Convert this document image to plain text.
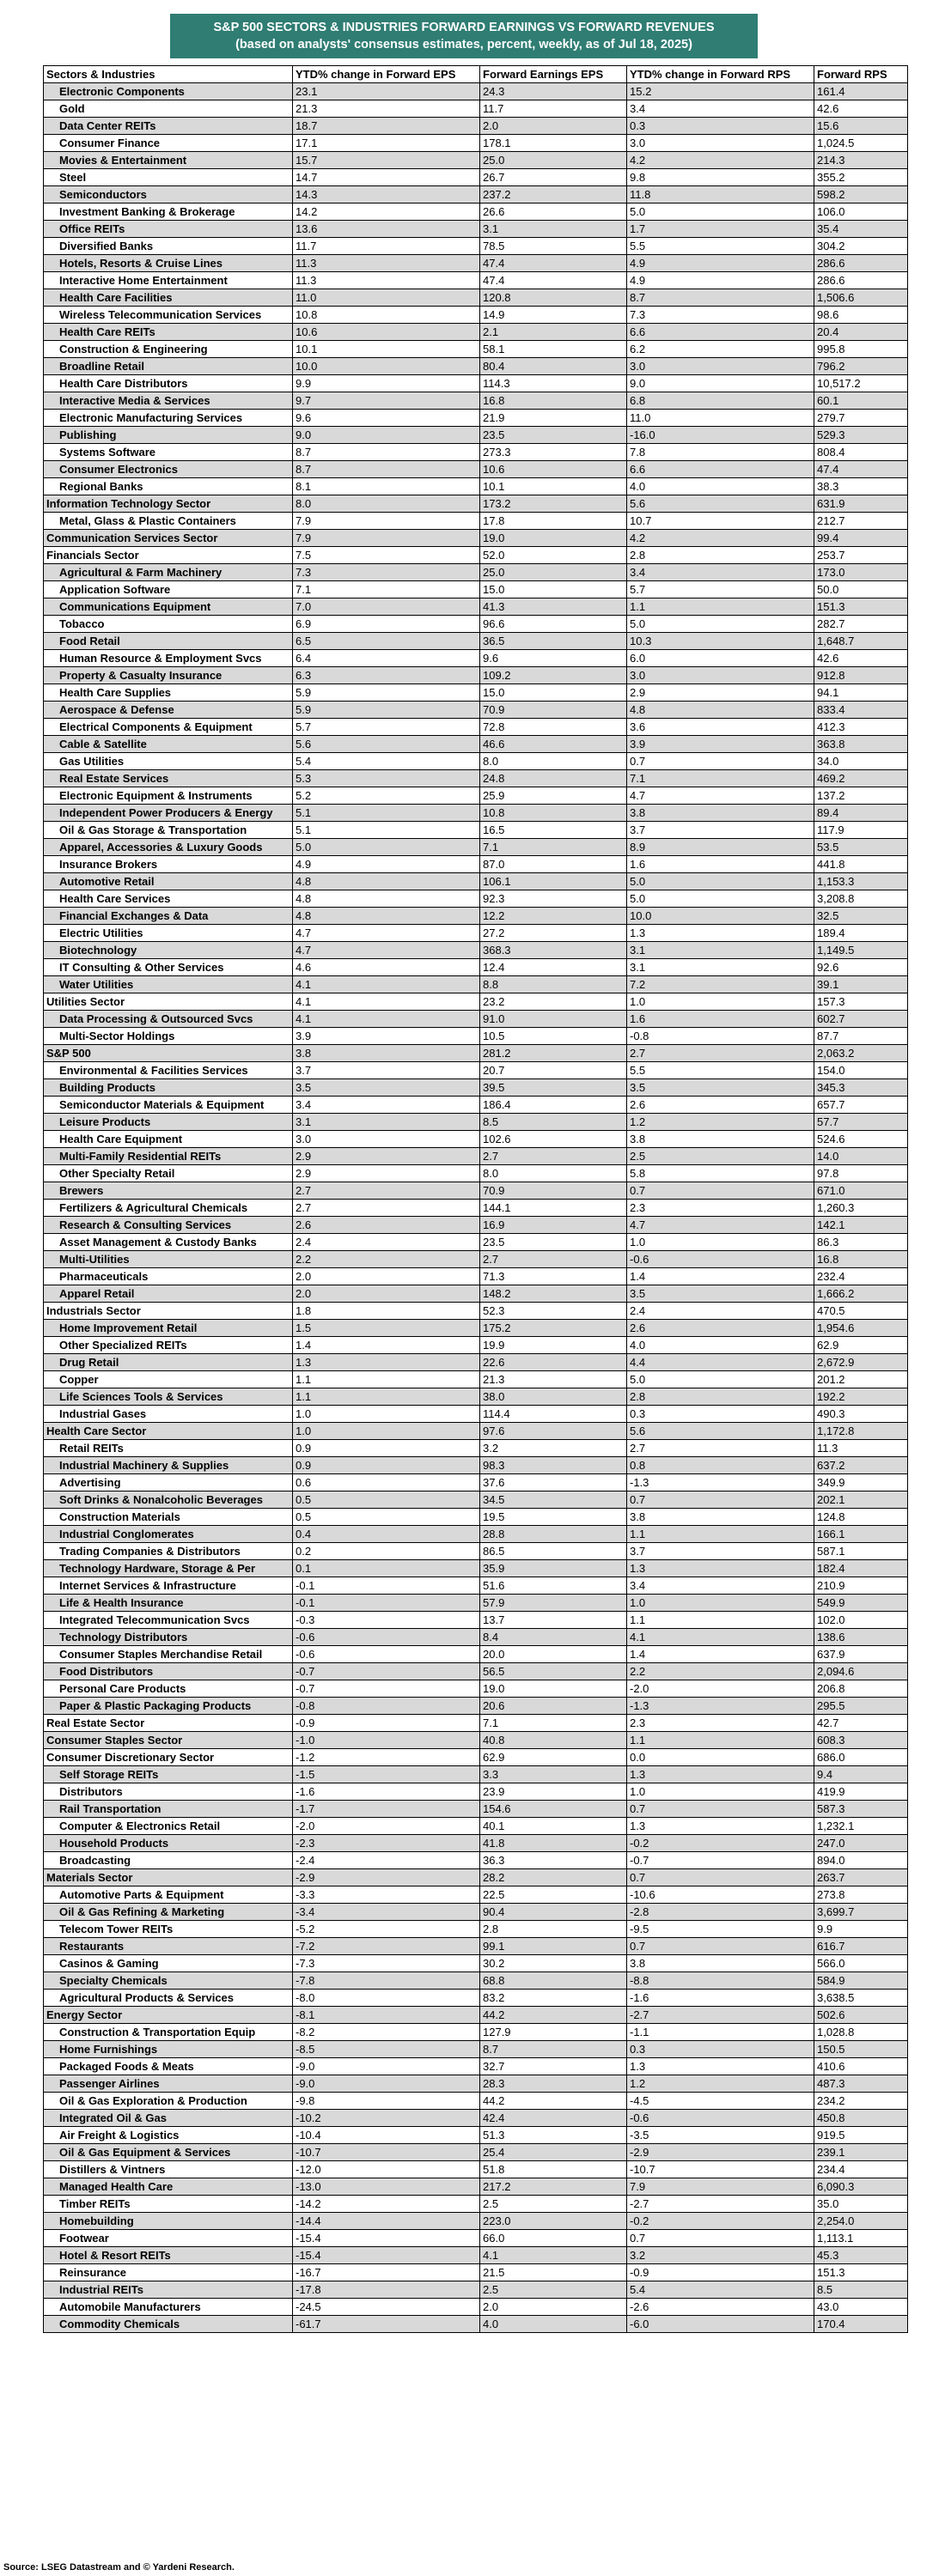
S&P 500 SECTORS & INDUSTRIES FORWARD EARNINGS VS FORWARD REVENUES
(based on analysts' consensus estimates, percent, weekly, as of Jul 18, 2025)
Sectors & Industries	YTD% change in Forward EPS	Forward Earnings EPS	YTD% change in Forward RPS	Forward RPS
Electronic Components	23.1	24.3	15.2	161.4
Gold	21.3	11.7	3.4	42.6
Data Center REITs	18.7	2.0	0.3	15.6
Consumer Finance	17.1	178.1	3.0	1,024.5
Movies & Entertainment	15.7	25.0	4.2	214.3
Steel	14.7	26.7	9.8	355.2
Semiconductors	14.3	237.2	11.8	598.2
Investment Banking & Brokerage	14.2	26.6	5.0	106.0
Office REITs	13.6	3.1	1.7	35.4
Diversified Banks	11.7	78.5	5.5	304.2
Hotels, Resorts & Cruise Lines	11.3	47.4	4.9	286.6
Interactive Home Entertainment	11.3	47.4	4.9	286.6
Health Care Facilities	11.0	120.8	8.7	1,506.6
Wireless Telecommunication Services	10.8	14.9	7.3	98.6
Health Care REITs	10.6	2.1	6.6	20.4
Construction & Engineering	10.1	58.1	6.2	995.8
Broadline Retail	10.0	80.4	3.0	796.2
Health Care Distributors	9.9	114.3	9.0	10,517.2
Interactive Media & Services	9.7	16.8	6.8	60.1
Electronic Manufacturing Services	9.6	21.9	11.0	279.7
Publishing	9.0	23.5	-16.0	529.3
Systems Software	8.7	273.3	7.8	808.4
Consumer Electronics	8.7	10.6	6.6	47.4
Regional Banks	8.1	10.1	4.0	38.3
Information Technology Sector	8.0	173.2	5.6	631.9
Metal, Glass & Plastic Containers	7.9	17.8	10.7	212.7
Communication Services Sector	7.9	19.0	4.2	99.4
Financials Sector	7.5	52.0	2.8	253.7
Agricultural & Farm Machinery	7.3	25.0	3.4	173.0
Application Software	7.1	15.0	5.7	50.0
Communications Equipment	7.0	41.3	1.1	151.3
Tobacco	6.9	96.6	5.0	282.7
Food Retail	6.5	36.5	10.3	1,648.7
Human Resource & Employment Svcs	6.4	9.6	6.0	42.6
Property & Casualty Insurance	6.3	109.2	3.0	912.8
Health Care Supplies	5.9	15.0	2.9	94.1
Aerospace & Defense	5.9	70.9	4.8	833.4
Electrical Components & Equipment	5.7	72.8	3.6	412.3
Cable & Satellite	5.6	46.6	3.9	363.8
Gas Utilities	5.4	8.0	0.7	34.0
Real Estate Services	5.3	24.8	7.1	469.2
Electronic Equipment & Instruments	5.2	25.9	4.7	137.2
Independent Power Producers & Energy	5.1	10.8	3.8	89.4
Oil & Gas Storage & Transportation	5.1	16.5	3.7	117.9
Apparel, Accessories & Luxury Goods	5.0	7.1	8.9	53.5
Insurance Brokers	4.9	87.0	1.6	441.8
Automotive Retail	4.8	106.1	5.0	1,153.3
Health Care Services	4.8	92.3	5.0	3,208.8
Financial Exchanges & Data	4.8	12.2	10.0	32.5
Electric Utilities	4.7	27.2	1.3	189.4
Biotechnology	4.7	368.3	3.1	1,149.5
IT Consulting & Other Services	4.6	12.4	3.1	92.6
Water Utilities	4.1	8.8	7.2	39.1
Utilities Sector	4.1	23.2	1.0	157.3
Data Processing & Outsourced Svcs	4.1	91.0	1.6	602.7
Multi-Sector Holdings	3.9	10.5	-0.8	87.7
S&P 500	3.8	281.2	2.7	2,063.2
Environmental & Facilities Services	3.7	20.7	5.5	154.0
Building Products	3.5	39.5	3.5	345.3
Semiconductor Materials & Equipment	3.4	186.4	2.6	657.7
Leisure Products	3.1	8.5	1.2	57.7
Health Care Equipment	3.0	102.6	3.8	524.6
Multi-Family Residential REITs	2.9	2.7	2.5	14.0
Other Specialty Retail	2.9	8.0	5.8	97.8
Brewers	2.7	70.9	0.7	671.0
Fertilizers & Agricultural Chemicals	2.7	144.1	2.3	1,260.3
Research & Consulting Services	2.6	16.9	4.7	142.1
Asset Management & Custody Banks	2.4	23.5	1.0	86.3
Multi-Utilities	2.2	2.7	-0.6	16.8
Pharmaceuticals	2.0	71.3	1.4	232.4
Apparel Retail	2.0	148.2	3.5	1,666.2
Industrials Sector	1.8	52.3	2.4	470.5
Home Improvement Retail	1.5	175.2	2.6	1,954.6
Other Specialized REITs	1.4	19.9	4.0	62.9
Drug Retail	1.3	22.6	4.4	2,672.9
Copper	1.1	21.3	5.0	201.2
Life Sciences Tools & Services	1.1	38.0	2.8	192.2
Industrial Gases	1.0	114.4	0.3	490.3
Health Care Sector	1.0	97.6	5.6	1,172.8
Retail REITs	0.9	3.2	2.7	11.3
Industrial Machinery & Supplies	0.9	98.3	0.8	637.2
Advertising	0.6	37.6	-1.3	349.9
Soft Drinks & Nonalcoholic Beverages	0.5	34.5	0.7	202.1
Construction Materials	0.5	19.5	3.8	124.8
Industrial Conglomerates	0.4	28.8	1.1	166.1
Trading Companies & Distributors	0.2	86.5	3.7	587.1
Technology Hardware, Storage & Per	0.1	35.9	1.3	182.4
Internet Services & Infrastructure	-0.1	51.6	3.4	210.9
Life & Health Insurance	-0.1	57.9	1.0	549.9
Integrated Telecommunication Svcs	-0.3	13.7	1.1	102.0
Technology Distributors	-0.6	8.4	4.1	138.6
Consumer Staples Merchandise Retail	-0.6	20.0	1.4	637.9
Food Distributors	-0.7	56.5	2.2	2,094.6
Personal Care Products	-0.7	19.0	-2.0	206.8
Paper & Plastic Packaging Products	-0.8	20.6	-1.3	295.5
Real Estate Sector	-0.9	7.1	2.3	42.7
Consumer Staples Sector	-1.0	40.8	1.1	608.3
Consumer Discretionary Sector	-1.2	62.9	0.0	686.0
Self Storage REITs	-1.5	3.3	1.3	9.4
Distributors	-1.6	23.9	1.0	419.9
Rail Transportation	-1.7	154.6	0.7	587.3
Computer & Electronics Retail	-2.0	40.1	1.3	1,232.1
Household Products	-2.3	41.8	-0.2	247.0
Broadcasting	-2.4	36.3	-0.7	894.0
Materials Sector	-2.9	28.2	0.7	263.7
Automotive Parts & Equipment	-3.3	22.5	-10.6	273.8
Oil & Gas Refining & Marketing	-3.4	90.4	-2.8	3,699.7
Telecom Tower REITs	-5.2	2.8	-9.5	9.9
Restaurants	-7.2	99.1	0.7	616.7
Casinos & Gaming	-7.3	30.2	3.8	566.0
Specialty Chemicals	-7.8	68.8	-8.8	584.9
Agricultural Products & Services	-8.0	83.2	-1.6	3,638.5
Energy Sector	-8.1	44.2	-2.7	502.6
Construction & Transportation Equip	-8.2	127.9	-1.1	1,028.8
Home Furnishings	-8.5	8.7	0.3	150.5
Packaged Foods & Meats	-9.0	32.7	1.3	410.6
Passenger Airlines	-9.0	28.3	1.2	487.3
Oil & Gas Exploration & Production	-9.8	44.2	-4.5	234.2
Integrated Oil & Gas	-10.2	42.4	-0.6	450.8
Air Freight & Logistics	-10.4	51.3	-3.5	919.5
Oil & Gas Equipment & Services	-10.7	25.4	-2.9	239.1
Distillers & Vintners	-12.0	51.8	-10.7	234.4
Managed Health Care	-13.0	217.2	7.9	6,090.3
Timber REITs	-14.2	2.5	-2.7	35.0
Homebuilding	-14.4	223.0	-0.2	2,254.0
Footwear	-15.4	66.0	0.7	1,113.1
Hotel & Resort REITs	-15.4	4.1	3.2	45.3
Reinsurance	-16.7	21.5	-0.9	151.3
Industrial REITs	-17.8	2.5	5.4	8.5
Automobile Manufacturers	-24.5	2.0	-2.6	43.0
Commodity Chemicals	-61.7	4.0	-6.0	170.4
Source: LSEG Datastream and © Yardeni Research.
